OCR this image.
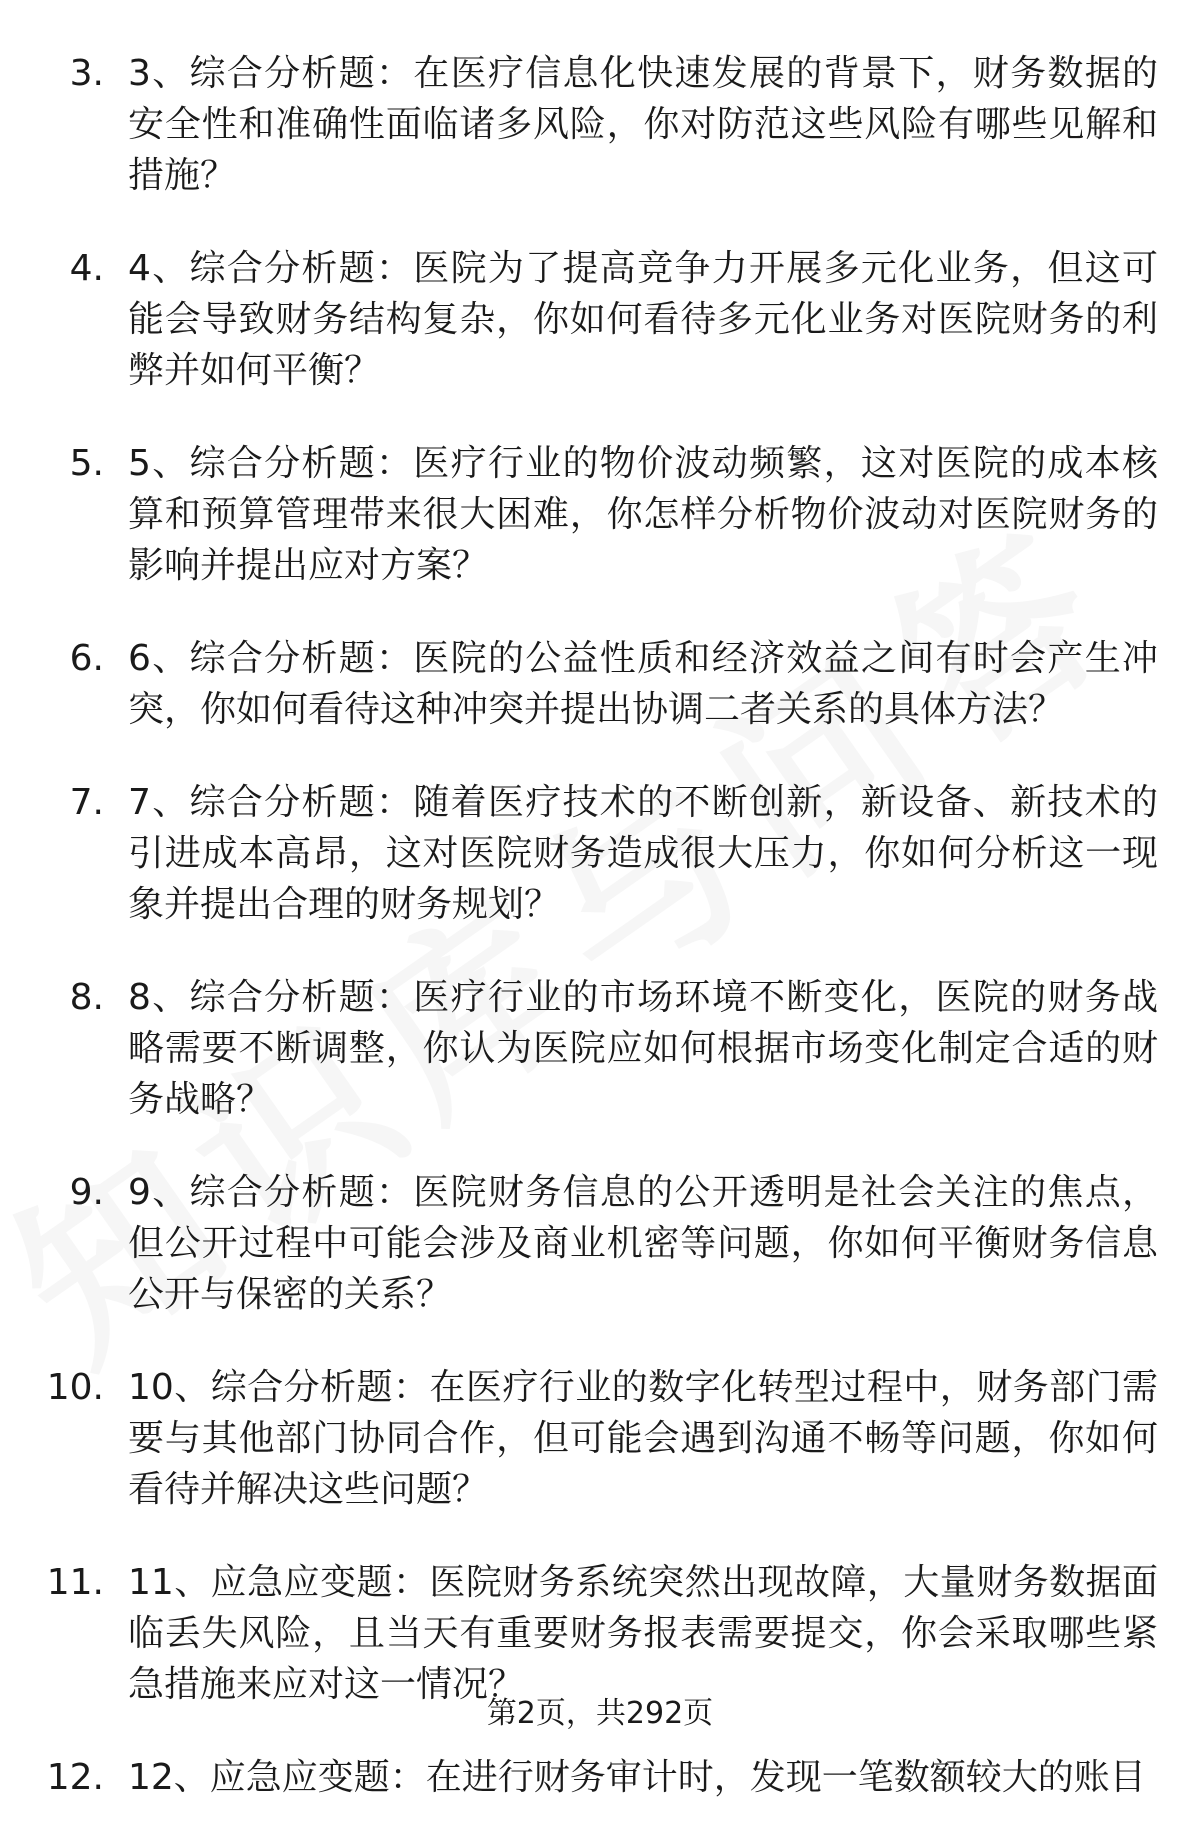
3. 3、综合分析题：在医疗信息化快速发展的背景下，财务数据的安全性和准确性面临诸多风险，你对防范这些风险有哪些见解和措施？
4. 4、综合分析题：医院为了提高竞争力开展多元化业务，但这可能会导致财务结构复杂，你如何看待多元化业务对医院财务的利弊并如何平衡？
5. 5、综合分析题：医疗行业的物价波动频繁，这对医院的成本核算和预算管理带来很大困难，你怎样分析物价波动对医院财务的影响并提出应对方案？
6. 6、综合分析题：医院的公益性质和经济效益之间有时会产生冲突，你如何看待这种冲突并提出协调二者关系的具体方法？
7. 7、综合分析题：随着医疗技术的不断创新，新设备、新技术的引进成本高昂，这对医院财务造成很大压力，你如何分析这一现象并提出合理的财务规划？
8. 8、综合分析题：医疗行业的市场环境不断变化，医院的财务战略需要不断调整，你认为医院应如何根据市场变化制定合适的财务战略？
9. 9、综合分析题：医院财务信息的公开透明是社会关注的焦点，但公开过程中可能会涉及商业机密等问题，你如何平衡财务信息公开与保密的关系？
10. 10、综合分析题：在医疗行业的数字化转型过程中，财务部门需要与其他部门协同合作，但可能会遇到沟通不畅等问题，你如何看待并解决这些问题？
11. 11、应急应变题：医院财务系统突然出现故障，大量财务数据面临丢失风险，且当天有重要财务报表需要提交，你会采取哪些紧急措施来应对这一情况？
12. 12、应急应变题：在进行财务审计时，发现一笔数额较大的账目
第2页，共292页
